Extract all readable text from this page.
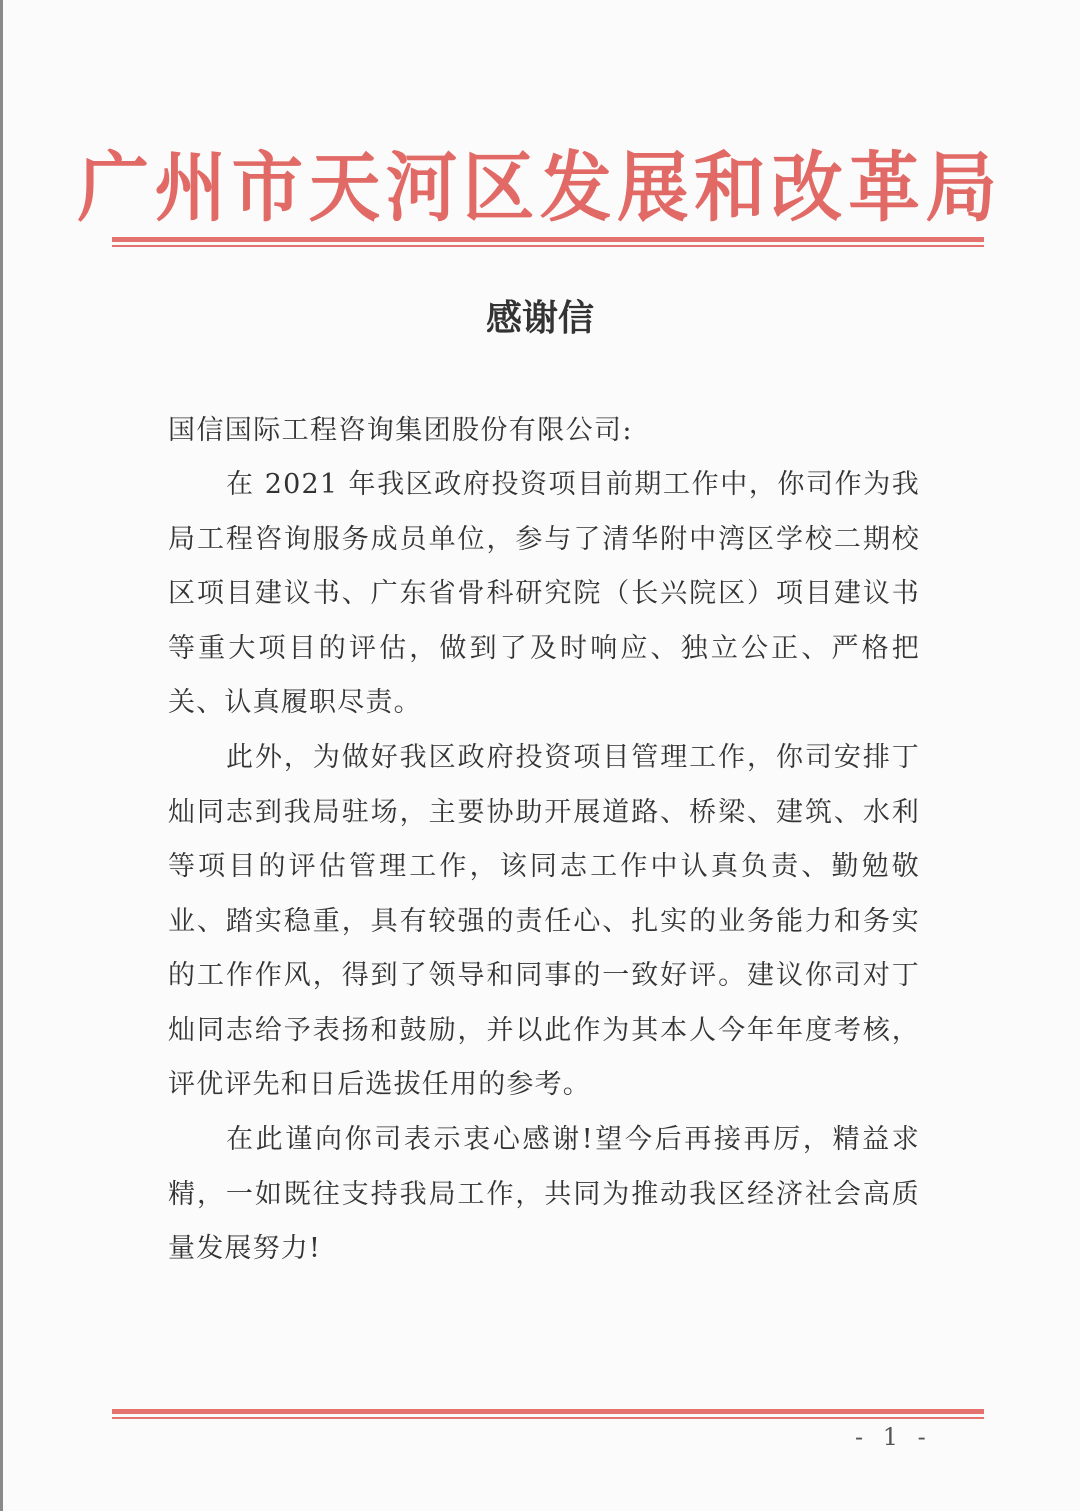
广州市天河区发展和改革局
感谢信
国信国际工程咨询集团股份有限公司:

在 2021 年我区政府投资项目前期工作中，你司作为我局工程咨询服务成员单位，参与了清华附中湾区学校二期校区项目建议书、广东省骨科研究院（长兴院区）项目建议书等重大项目的评估，做到了及时响应、独立公正、严格把关、认真履职尽责。

此外，为做好我区政府投资项目管理工作，你司安排丁灿同志到我局驻场，主要协助开展道路、桥梁、建筑、水利等项目的评估管理工作，该同志工作中认真负责、勤勉敬业、踏实稳重，具有较强的责任心、扎实的业务能力和务实的工作作风，得到了领导和同事的一致好评。建议你司对丁灿同志给予表扬和鼓励，并以此作为其本人今年年度考核，评优评先和日后选拔任用的参考。

在此谨向你司表示衷心感谢!望今后再接再厉，精益求精，一如既往支持我局工作，共同为推动我区经济社会高质量发展努力!

- 1 -
